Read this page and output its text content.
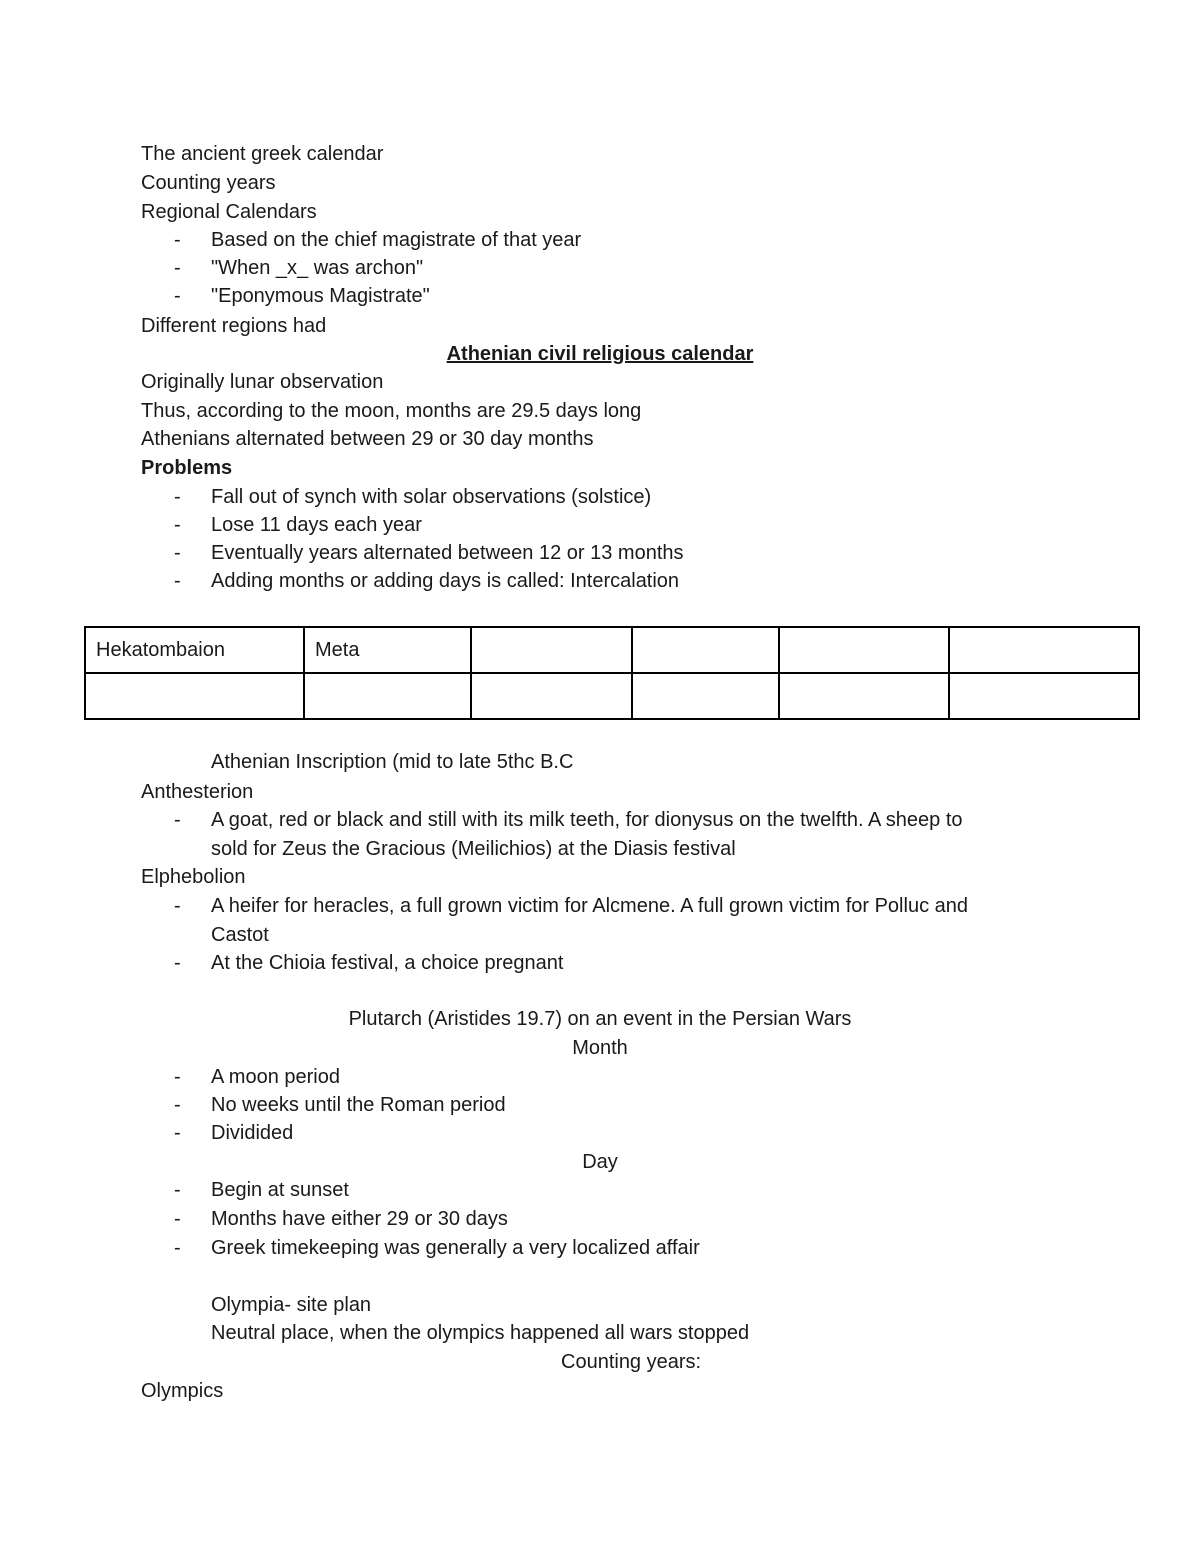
The ancient greek calendar
Counting years
Regional Calendars
- Based on the chief magistrate of that year
- "When _x_ was archon"
- "Eponymous Magistrate"
Different regions had
Athenian civil religious calendar
Originally lunar observation
Thus, according to the moon, months are 29.5 days long
Athenians alternated between 29 or 30 day months
Problems
- Fall out of synch with solar observations (solstice)
- Lose 11 days each year
- Eventually years alternated between 12 or 13 months
- Adding months or adding days is called: Intercalation
Hekatombaion	Meta				

Athenian Inscription (mid to late 5thc B.C
Anthesterion
- A goat, red or black and still with its milk teeth, for dionysus on the twelfth. A sheep to
sold for Zeus the Gracious (Meilichios) at the Diasis festival
Elphebolion
- A heifer for heracles, a full grown victim for Alcmene. A full grown victim for Polluc and
Castot
- At the Chioia festival, a choice pregnant
Plutarch (Aristides 19.7) on an event in the Persian Wars
Month
- A moon period
- No weeks until the Roman period
- Dividided
Day
- Begin at sunset
- Months have either 29 or 30 days
- Greek timekeeping was generally a very localized affair
Olympia- site plan
Neutral place, when the olympics happened all wars stopped
Counting years:
Olympics
